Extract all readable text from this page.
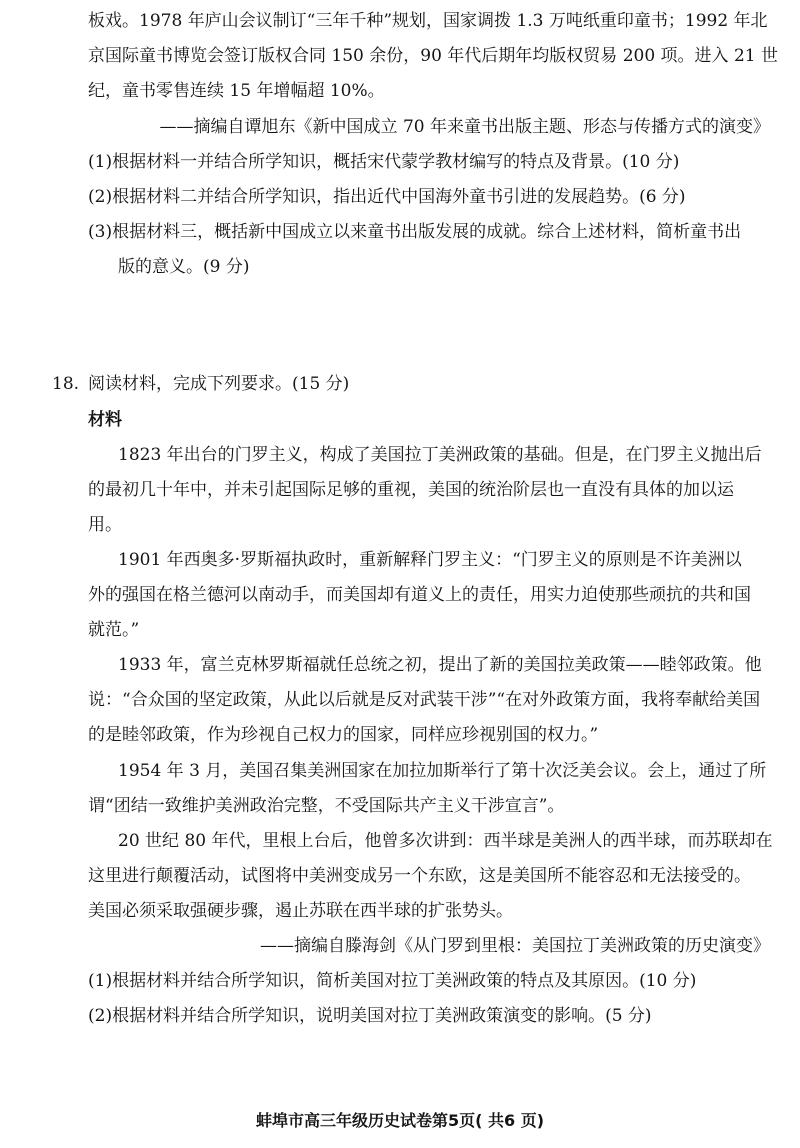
板戏。1978 年庐山会议制订“三年千种”规划，国家调拨 1.3 万吨纸重印童书；1992 年北
京国际童书博览会签订版权合同 150 余份，90 年代后期年均版权贸易 200 项。进入 21 世
纪，童书零售连续 15 年增幅超 10%。
——摘编自谭旭东《新中国成立 70 年来童书出版主题、形态与传播方式的演变》
(1)根据材料一并结合所学知识，概括宋代蒙学教材编写的特点及背景。(10 分)
(2)根据材料二并结合所学知识，指出近代中国海外童书引进的发展趋势。(6 分)
(3)根据材料三，概括新中国成立以来童书出版发展的成就。综合上述材料，简析童书出
版的意义。(9 分)
18. 阅读材料，完成下列要求。(15 分)
材料
1823 年出台的门罗主义，构成了美国拉丁美洲政策的基础。但是，在门罗主义抛出后
的最初几十年中，并未引起国际足够的重视，美国的统治阶层也一直没有具体的加以运
用。
1901 年西奥多·罗斯福执政时，重新解释门罗主义：“门罗主义的原则是不许美洲以
外的强国在格兰德河以南动手，而美国却有道义上的责任，用实力迫使那些顽抗的共和国
就范。”
1933 年，富兰克林罗斯福就任总统之初，提出了新的美国拉美政策——睦邻政策。他
说：“合众国的坚定政策，从此以后就是反对武装干涉”“在对外政策方面，我将奉献给美国
的是睦邻政策，作为珍视自己权力的国家，同样应珍视别国的权力。”
1954 年 3 月，美国召集美洲国家在加拉加斯举行了第十次泛美会议。会上，通过了所
谓“团结一致维护美洲政治完整，不受国际共产主义干涉宣言”。
20 世纪 80 年代，里根上台后，他曾多次讲到：西半球是美洲人的西半球，而苏联却在
这里进行颠覆活动，试图将中美洲变成另一个东欧，这是美国所不能容忍和无法接受的。
美国必须采取强硬步骤，遏止苏联在西半球的扩张势头。
——摘编自滕海剑《从门罗到里根：美国拉丁美洲政策的历史演变》
(1)根据材料并结合所学知识，简析美国对拉丁美洲政策的特点及其原因。(10 分)
(2)根据材料并结合所学知识，说明美国对拉丁美洲政策演变的影响。(5 分)
蚌埠市高三年级历史试卷第5页( 共6 页)
